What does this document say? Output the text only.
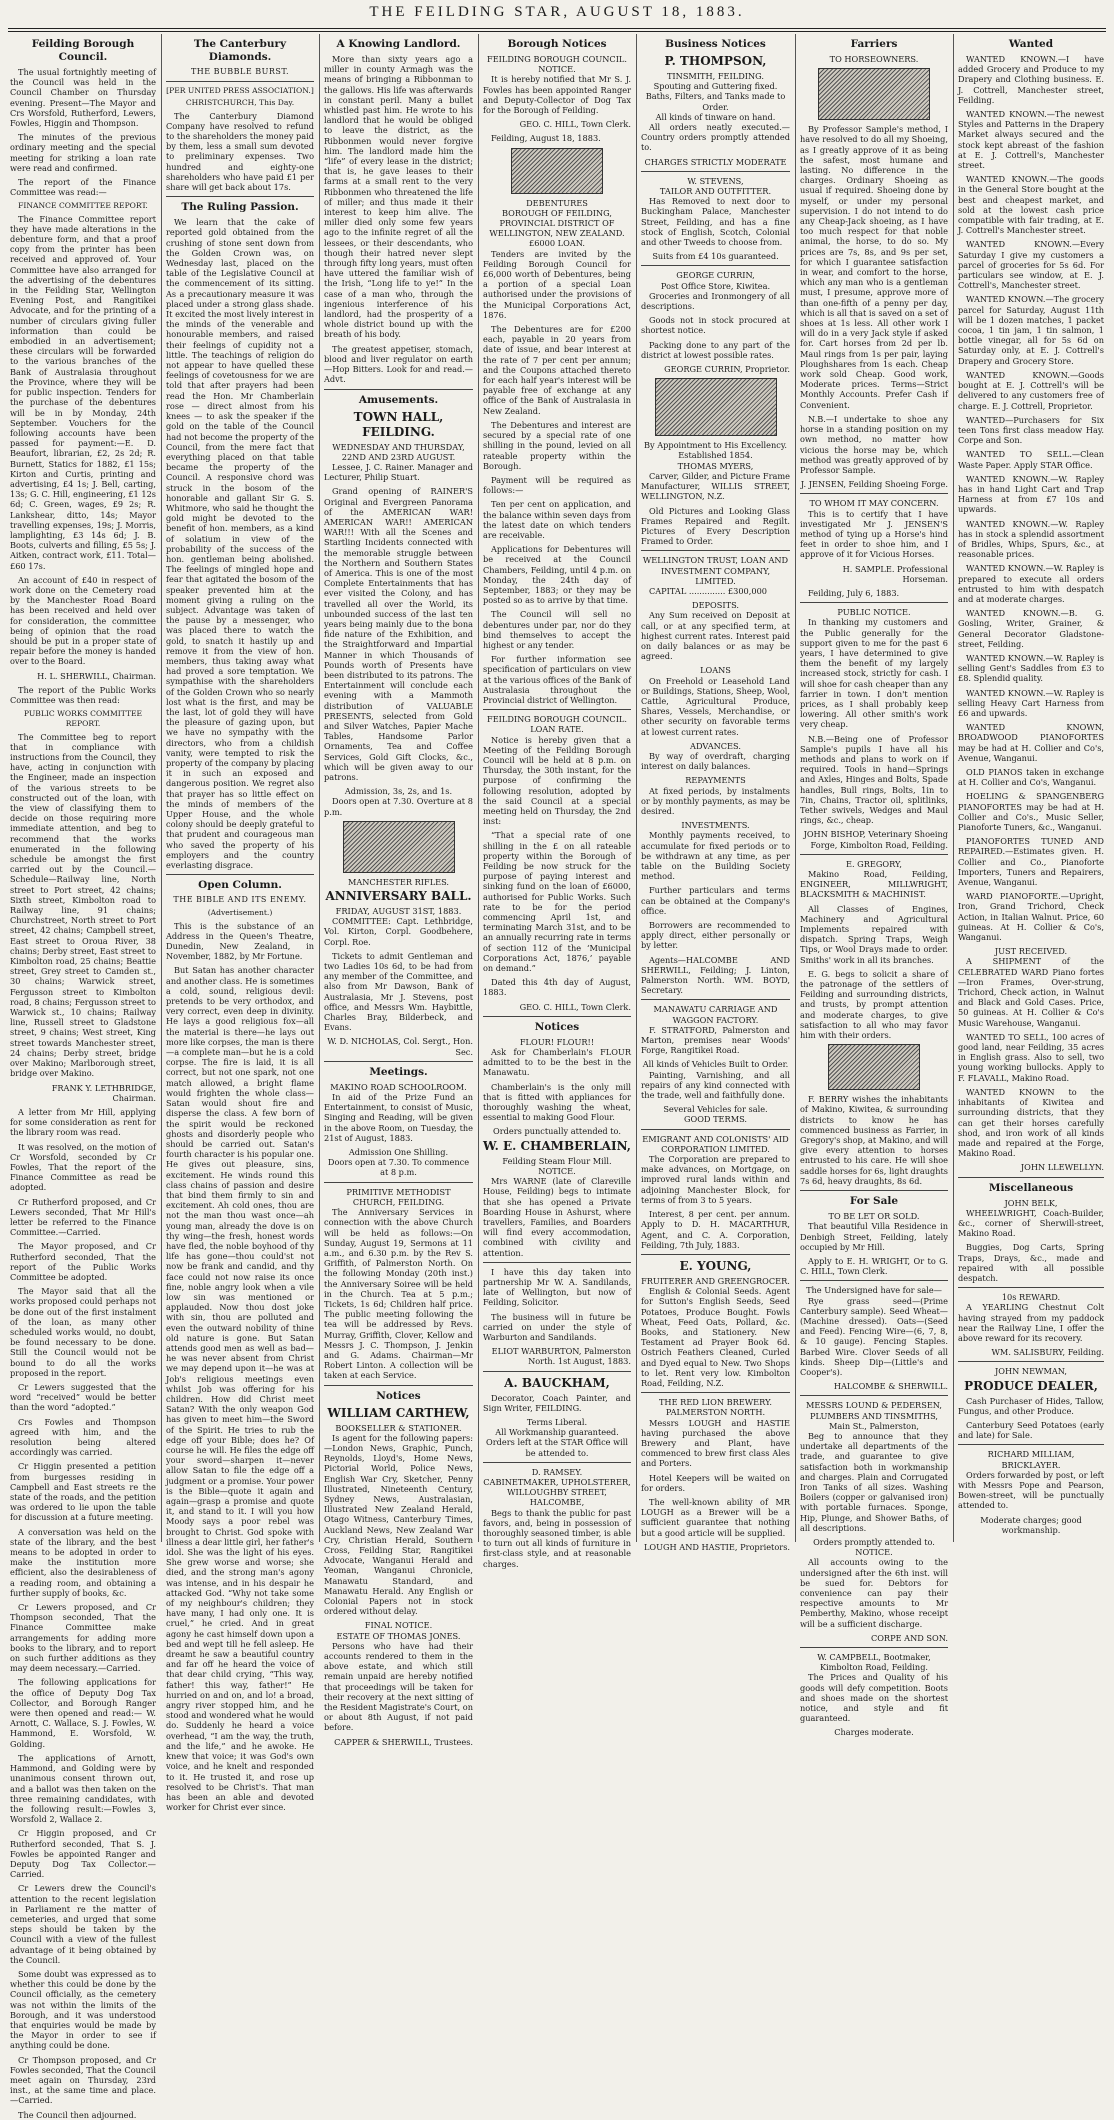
THE FEILDING STAR, AUGUST 18, 1883.
Feilding Borough Council.
The usual fortnightly meeting of the Council was held in the Council Chamber on Thursday evening. Present—The Mayor and Crs Worsfold, Rutherford, Lewers, Fowles, Higgin and Thompson.
The minutes of the previous ordinary meeting and the special meeting for striking a loan rate were read and confirmed.
The report of the Finance Committee was read:—
FINANCE COMMITTEE REPORT.
The Finance Committee report they have made alterations in the debenture form, and that a proof copy from the printer has been received and approved of. Your Committee have also arranged for the advertising of the debentures in the Feilding Star, Wellington Evening Post, and Rangitikei Advocate, and for the printing of a number of circulars giving fuller information than could be embodied in an advertisement; these circulars will be forwarded to the various branches of the Bank of Australasia throughout the Province, where they will be for public inspection. Tenders for the purchase of the debentures will be in by Monday, 24th September. Vouchers for the following accounts have been passed for payment:—E. D. Beaufort, librarian, £2, 2s 2d; R. Burnett, Statics for 1882, £1 15s; Kirton and Curtis, printing and advertising, £4 1s; J. Bell, carting, 13s; G. C. Hill, engineering, £1 12s 6d; C. Green, wages, £9 2s; R. Lankshear, ditto, 14s; Mayor travelling expenses, 19s; J. Morris, lamplighting, £3 14s 6d; J. B. Boots, culverts and filling, £5 5s; J. Aitken, contract work, £11. Total—£60 17s.
An account of £40 in respect of work done on the Cemetery road by the Manchester Road Board has been received and held over for consideration, the committee being of opinion that the road should be put in a proper state of repair before the money is handed over to the Board.
H. L. SHERWILL, Chairman.
The report of the Public Works Committee was then read:
PUBLIC WORKS COMMITTEE REPORT.
The Committee beg to report that in compliance with instructions from the Council, they have, acting in conjunction with the Engineer, made an inspection of the various streets to be constructed out of the loan, with the view of classifying them to decide on those requiring more immediate attention, and beg to recommend that the works enumerated in the following schedule be amongst the first carried out by the Council.—Schedule—Railway line, North street to Port street, 42 chains; Sixth street, Kimbolton road to Railway line, 91 chains; Churchstreet, North street to Port street, 42 chains; Campbell street, East street to Oroua River, 38 chains; Derby street, East street to Kimbolton road, 25 chains; Beattie street, Grey street to Camden st., 30 chains; Warwick street, Fergusson street to Kimbolton road, 8 chains; Fergusson street to Warwick st., 10 chains; Railway line, Russell street to Gladstone street, 9 chains; West street, King street towards Manchester street, 24 chains; Derby street, bridge over Makino; Marlborough street, bridge over Makino.
FRANK Y. LETHBRIDGE, Chairman.
A letter from Mr Hill, applying for some consideration as rent for the library room was read.
It was resolved, on the motion of Cr Worsfold, seconded by Cr Fowles, That the report of the Finance Committee as read be adopted.
Cr Rutherford proposed, and Cr Lewers seconded, That Mr Hill's letter be referred to the Finance Committee.—Carried.
The Mayor proposed, and Cr Rutherford seconded, That the report of the Public Works Committee be adopted.
The Mayor said that all the works proposed could perhaps not be done out of the first instalment of the loan, as many other scheduled works would, no doubt, be found necessary to be done. Still the Council would not be bound to do all the works proposed in the report.
Cr Lewers suggested that the word “received” would be better than the word “adopted.”
Crs Fowles and Thompson agreed with him, and the resolution being altered accordingly was carried.
Cr Higgin presented a petition from burgesses residing in Campbell and East streets re the state of the roads, and the petition was ordered to lie upon the table for discussion at a future meeting.
A conversation was held on the state of the library, and the best means to be adopted in order to make the institution more efficient, also the desirableness of a reading room, and obtaining a further supply of books, &c.
Cr Lewers proposed, and Cr Thompson seconded, That the Finance Committee make arrangements for adding more books to the library, and to report on such further additions as they may deem necessary.—Carried.
The following applications for the office of Deputy Dog Tax Collector, and Borough Ranger were then opened and read:— W. Arnott, C. Wallace, S. J. Fowles, W. Hammond, E. Worsfold, W. Golding.
The applications of Arnott, Hammond, and Golding were by unanimous consent thrown out, and a ballot was then taken on the three remaining candidates, with the following result:—Fowles 3, Worsfold 2, Wallace 2.
Cr Higgin proposed, and Cr Rutherford seconded, That S. J. Fowles be appointed Ranger and Deputy Dog Tax Collector.—Carried.
Cr Lewers drew the Council's attention to the recent legislation in Parliament re the matter of cemeteries, and urged that some steps should be taken by the Council with a view of the fullest advantage of it being obtained by the Council.
Some doubt was expressed as to whether this could be done by the Council officially, as the cemetery was not within the limits of the Borough, and it was understood that enquiries would be made by the Mayor in order to see if anything could be done.
Cr Thompson proposed, and Cr Fowles seconded, That the Council meet again on Thursday, 23rd inst., at the same time and place.—Carried.
The Council then adjourned.
The Canterbury Diamonds.
THE BUBBLE BURST.
[PER UNITED PRESS ASSOCIATION.]
CHRISTCHURCH, This Day.
The Canterbury Diamond Company have resolved to refund to the shareholders the money paid by them, less a small sum devoted to preliminary expenses. Two hundred and eighty-one shareholders who have paid £1 per share will get back about 17s.
The Ruling Passion.
We learn that the cake of reported gold obtained from the crushing of stone sent down from the Golden Crown was, on Wednesday last, placed on the table of the Legislative Council at the commencement of its sitting. As a precautionary measure it was placed under a strong glass shade. It excited the most lively interest in the minds of the venerable and honourable members, and raised their feelings of cupidity not a little. The teachings of religion do not appear to have quelled these feelings of covetousness for we are told that after prayers had been read the Hon. Mr Chamberlain rose — direct almost from his knees — to ask the speaker if the gold on the table of the Council had not become the property of the Council, from the mere fact that everything placed on that table became the property of the Council. A responsive chord was struck in the bosom of the honorable and gallant Sir G. S. Whitmore, who said he thought the gold might be devoted to the benefit of hon. members, as a kind of solatium in view of the probability of the success of the hon. gentleman being abolished. The feelings of mingled hope and fear that agitated the bosom of the speaker prevented him at the moment giving a ruling on the subject. Advantage was taken of the pause by a messenger, who was placed there to watch the gold, to snatch it hastily up and remove it from the view of hon. members, thus taking away what had proved a sore temptation. We sympathise with the shareholders of the Golden Crown who so nearly lost what is the first, and may be the last, lot of gold they will have the pleasure of gazing upon, but we have no sympathy with the directors, who from a childish vanity, were tempted to risk the property of the company by placing it in such an exposed and dangerous position. We regret also that prayer has so little effect on the minds of members of the Upper House, and the whole colony should be deeply grateful to that prudent and courageous man who saved the property of his employers and the country everlasting disgrace.
Open Column.
THE BIBLE AND ITS ENEMY.
(Advertisement.)
This is the substance of an Address in the Queen's Theatre, Dunedin, New Zealand, in November, 1882, by Mr Fortune.
But Satan has another character and another class. He is sometimes a cold, sound, religious devil: pretends to be very orthodox, and very correct, even deep in divinity. He lays a good religious fox—all the material is there—he lays out more like corpses, the man is there—a complete man—but he is a cold corpse. The fire is laid, it is all correct, but not one spark, not one match allowed, a bright flame would frighten the whole class—Satan would shout fire and disperse the class. A few born of the spirit would be reckoned ghosts and disorderly people who should be carried out. Satan's fourth character is his popular one. He gives out pleasure, sins, excitement. He winds round this class chains of passion and desire that bind them firmly to sin and excitement. Ah cold ones, thou are not the man thou wast once—ah young man, already the dove is on thy wing—the fresh, honest words have fled, the noble boyhood of thy life has gone—thou could'st not now be frank and candid, and thy face could not now raise its once fine, noble angry look when a vile low sin was mentioned or applauded. Now thou dost joke with sin, thou are polluted and even the outward nobility of thine old nature is gone. But Satan attends good men as well as bad—he was never absent from Christ we may depend upon it—he was at Job's religious meetings even whilst Job was offering for his children. How did Christ meet Satan? With the only weapon God has given to meet him—the Sword of the Spirit. He tries to rub the edge off your Bible; does he? Of course he will. He files the edge off your sword—sharpen it—never allow Satan to file the edge off a judgment or a promise. Your power is the Bible—quote it again and again—grasp a promise and quote it, and stand to it. I will you how Moody says a poor rebel was brought to Christ. God spoke with illness a dear little girl, her father's idol. She was the light of his eyes. She grew worse and worse; she died, and the strong man's agony was intense, and in his despair he attacked God. “Why not take some of my neighbour's children; they have many, I had only one. It is cruel,” he cried. And in great agony he cast himself down upon a bed and wept till he fell asleep. He dreamt he saw a beautiful country and far off he heard the voice of that dear child crying, “This way, father! this way, father!” He hurried on and on, and lo! a broad, angry river stopped him, and he stood and wondered what he would do. Suddenly he heard a voice overhead, “I am the way, the truth, and the life,” and he awoke. He knew that voice; it was God's own voice, and he knelt and responded to it. He trusted it, and rose up resolved to be Christ's. That man has been an able and devoted worker for Christ ever since.
A Knowing Landlord.
More than sixty years ago a miller in county Armagh was the means of bringing a Ribbonman to the gallows. His life was afterwards in constant peril. Many a bullet whistled past him. He wrote to his landlord that he would be obliged to leave the district, as the Ribbonmen would never forgive him. The landlord made him the “life” of every lease in the district; that is, he gave leases to their farms at a small rent to the very Ribbonmen who threatened the life of miller; and thus made it their interest to keep him alive. The miller died only some few years ago to the infinite regret of all the lessees, or their descendants, who though their hatred never slept through fifty long years, must often have uttered the familiar wish of the Irish, “Long life to ye!” In the case of a man who, through the ingenious interference of his landlord, had the prosperity of a whole district bound up with the breath of his body.
The greatest appetiser, stomach, blood and liver regulator on earth—Hop Bitters. Look for and read.—Advt.
Amusements.
TOWN HALL, FEILDING.
WEDNESDAY AND THURSDAY, 22ND AND 23RD AUGUST.
Lessee, J. C. Rainer. Manager and Lecturer, Philip Stuart.
Grand opening of RAINER'S Original and Evergreen Panorama of the AMERICAN WAR! AMERICAN WAR!! AMERICAN WAR!!! With all the Scenes and Startling Incidents connected with the memorable struggle between the Northern and Southern States of America. This is one of the most Complete Entertainments that has ever visited the Colony, and has travelled all over the World, its unbounded success of the last ten years being mainly due to the bona fide nature of the Exhibition, and the Straightforward and Impartial Manner in which Thousands of Pounds worth of Presents have been distributed to its patrons. The Entertainment will conclude each evening with a Mammoth distribution of VALUABLE PRESENTS, selected from Gold and Silver Watches, Papier Mache Tables, Handsome Parlor Ornaments, Tea and Coffee Services, Gold Gift Clocks, &c., which will be given away to our patrons.
Admission, 3s, 2s, and 1s.
Doors open at 7.30. Overture at 8 p.m.
MANCHESTER RIFLES.
ANNIVERSARY BALL.
FRIDAY, AUGUST 31ST, 1883.
COMMITTEE: Capt. Lethbridge, Vol. Kirton, Corpl. Goodbehere, Corpl. Roe.
Tickets to admit Gentleman and two Ladies 10s 6d, to be had from any member of the Committee, and also from Mr Dawson, Bank of Australasia, Mr J. Stevens, post office, and Messrs Wm. Haybittle, Charles Bray, Bilderbeck, and Evans.
W. D. NICHOLAS, Col. Sergt., Hon. Sec.
Meetings.
MAKINO ROAD SCHOOLROOM.
In aid of the Prize Fund an Entertainment, to consist of Music, Singing and Reading, will be given in the above Room, on Tuesday, the 21st of August, 1883.
Admission One Shilling.
Doors open at 7.30. To commence at 8 p.m.
PRIMITIVE METHODIST CHURCH, FEILDING.
The Anniversary Services in connection with the above Church will be held as follows:—On Sunday, August 19, Sermons at 11 a.m., and 6.30 p.m. by the Rev S. Griffith, of Palmerston North. On the following Monday (20th inst.) the Anniversary Soiree will be held in the Church. Tea at 5 p.m.; Tickets, 1s 6d; Children half price. The public meeting following the tea will be addressed by Revs. Murray, Griffith, Clover, Kellow and Messrs J. C. Thompson, J. Jenkin and G. Adams. Chairman—Mr Robert Linton. A collection will be taken at each Service.
Notices
WILLIAM CARTHEW,
BOOKSELLER & STATIONER.
Is agent for the following papers:—London News, Graphic, Punch, Reynolds, Lloyd's, Home News, Pictorial World, Police News, English War Cry, Sketcher, Penny Illustrated, Nineteenth Century, Sydney News, Australasian, Illustrated New Zealand Herald, Otago Witness, Canterbury Times, Auckland News, New Zealand War Cry, Christian Herald, Southern Cross, Feilding Star, Rangitikei Advocate, Wanganui Herald and Yeoman, Wanganui Chronicle, Manawatu Standard, and Manawatu Herald. Any English or Colonial Papers not in stock ordered without delay.
FINAL NOTICE.
ESTATE OF THOMAS JONES.
Persons who have had their accounts rendered to them in the above estate, and which still remain unpaid are hereby notified that proceedings will be taken for their recovery at the next sitting of the Resident Magistrate's Court, on or about 8th August, if not paid before.
CAPPER & SHERWILL, Trustees.
Borough Notices
FEILDING BOROUGH COUNCIL.
NOTICE.
It is hereby notified that Mr S. J. Fowles has been appointed Ranger and Deputy-Collector of Dog Tax for the Borough of Feilding.
GEO. C. HILL, Town Clerk.
Feilding, August 18, 1883.
DEBENTURES
BOROUGH OF FEILDING, PROVINCIAL DISTRICT OF WELLINGTON, NEW ZEALAND.
£6000 LOAN.
Tenders are invited by the Feilding Borough Council for £6,000 worth of Debentures, being a portion of a special Loan authorised under the provisions of the Municipal Corporations Act, 1876.
The Debentures are for £200 each, payable in 20 years from date of issue, and bear interest at the rate of 7 per cent per annum; and the Coupons attached thereto for each half year's interest will be payable free of exchange at any office of the Bank of Australasia in New Zealand.
The Debentures and interest are secured by a special rate of one shilling in the pound, levied on all rateable property within the Borough.
Payment will be required as follows:—
Ten per cent on application, and the balance within seven days from the latest date on which tenders are receivable.
Applications for Debentures will be received at the Council Chambers, Feilding, until 4 p.m. on Monday, the 24th day of September, 1883; or they may be posted so as to arrive by that time.
The Council will sell no debentures under par, nor do they bind themselves to accept the highest or any tender.
For further information see specification of particulars on view at the various offices of the Bank of Australasia throughout the Provincial district of Wellington.
FEILDING BOROUGH COUNCIL.
LOAN RATE.
Notice is hereby given that a Meeting of the Feilding Borough Council will be held at 8 p.m. on Thursday, the 30th instant, for the purpose of confirming the following resolution, adopted by the said Council at a special meeting held on Thursday, the 2nd inst:
“That a special rate of one shilling in the £ on all rateable property within the Borough of Feilding be now struck for the purpose of paying interest and sinking fund on the loan of £6000, authorised for Public Works. Such rate to be for the period commencing April 1st, and terminating March 31st, and to be an annually recurring rate in terms of section 112 of the ‘Municipal Corporations Act, 1876,’ payable on demand.”
Dated this 4th day of August, 1883.
GEO. C. HILL, Town Clerk.
Notices
FLOUR! FLOUR!!
Ask for Chamberlain's FLOUR admitted to to be the best in the Manawatu.
Chamberlain's is the only mill that is fitted with appliances for thoroughly washing the wheat, essential to making Good Flour.
Orders punctually attended to.
W. E. CHAMBERLAIN,
Feilding Steam Flour Mill.
NOTICE.
Mrs WARNE (late of Clareville House, Feilding) begs to intimate that she has opened a Private Boarding House in Ashurst, where travellers, Families, and Boarders will find every accommodation, combined with civility and attention.
I have this day taken into partnership Mr W. A. Sandilands, late of Wellington, but now of Feilding, Solicitor.
The business will in future be carried on under the style of Warburton and Sandilands.
ELIOT WARBURTON, Palmerston North. 1st August, 1883.
A. BAUCKHAM,
Decorator, Coach Painter, and Sign Writer, FEILDING.
Terms Liberal.
All Workmanship guaranteed.
Orders left at the STAR Office will be attended to.
D. RAMSEY.
CABINETMAKER, UPHOLSTERER, WILLOUGHBY STREET, HALCOMBE,
Begs to thank the public for past favors, and, being in possession of thoroughly seasoned timber, is able to turn out all kinds of furniture in first-class style, and at reasonable charges.
Business Notices
P. THOMPSON,
TINSMITH, FEILDING.
Spouting and Guttering fixed.
Baths, Filters, and Tanks made to Order.
All kinds of tinware on hand.
All orders neatly executed.—Country orders promptly attended to.
CHARGES STRICTLY MODERATE
W. STEVENS,
TAILOR AND OUTFITTER.
Has Removed to next door to Buckingham Palace, Manchester Street, Feilding, and has a fine stock of English, Scotch, Colonial and other Tweeds to choose from.
Suits from £4 10s guaranteed.
GEORGE CURRIN,
Post Office Store, Kiwitea.
Groceries and Ironmongery of all descriptions.
Goods not in stock procured at shortest notice.
Packing done to any part of the district at lowest possible rates.
GEORGE CURRIN, Proprietor.
By Appointment to His Excellency. Established 1854.
THOMAS MYERS,
Carver, Gilder, and Picture Frame Manufacturer, WILLIS STREET, WELLINGTON, N.Z.
Old Pictures and Looking Glass Frames Repaired and Regilt. Pictures of Every Description Framed to Order.
WELLINGTON TRUST, LOAN AND INVESTMENT COMPANY, LIMITED.
CAPITAL .............. £300,000
DEPOSITS.
Any Sum received on Deposit at call, or at any specified term, at highest current rates. Interest paid on daily balances or as may be agreed.
LOANS
On Freehold or Leasehold Land or Buildings, Stations, Sheep, Wool, Cattle, Agricultural Produce, Shares, Vessels, Merchandise, or other security on favorable terms at lowest current rates.
ADVANCES.
By way of overdraft, charging interest on daily balances.
REPAYMENTS
At fixed periods, by instalments or by monthly payments, as may be desired.
INVESTMENTS.
Monthly payments received, to accumulate for fixed periods or to be withdrawn at any time, as per table on the Building Society method.
Further particulars and terms can be obtained at the Company's office.
Borrowers are recommended to apply direct, either personally or by letter.
Agents—HALCOMBE AND SHERWILL, Feilding; J. Linton, Palmerston North. WM. BOYD, Secretary.
MANAWATU CARRIAGE AND WAGGON FACTORY.
F. STRATFORD, Palmerston and Marton, premises near Woods' Forge, Rangitikei Road.
All kinds of Vehicles Built to Order.
Painting, Varnishing, and all repairs of any kind connected with the trade, well and faithfully done.
Several Vehicles for sale.
GOOD TERMS.
EMIGRANT AND COLONISTS' AID CORPORATION LIMITED.
The Corporation are prepared to make advances, on Mortgage, on improved rural lands within and adjoining Manchester Block, for terms of from 3 to 5 years.
Interest, 8 per cent. per annum. Apply to D. H. MACARTHUR, Agent, and C. A. Corporation, Feilding, 7th July, 1883.
E. YOUNG,
FRUITERER AND GREENGROCER.
English & Colonial Seeds. Agent for Sutton's English Seeds, Seed Potatoes, Produce Bought. Fowls Wheat, Feed Oats, Pollard, &c. Books, and Stationery. New Testament ad Prayer Book 6d. Ostrich Feathers Cleaned, Curled and Dyed equal to New. Two Shops to let. Rent very low. Kimbolton Road, Feilding, N.Z.
THE RED LION BREWERY.
PALMERSTON NORTH.
Messrs LOUGH and HASTIE having purchased the above Brewery and Plant, have commenced to brew first class Ales and Porters.
Hotel Keepers will be waited on for orders.
The well-known ability of MR LOUGH as a Brewer will be a sufficient guarantee that nothing but a good article will be supplied.
LOUGH AND HASTIE, Proprietors.
Farriers
TO HORSEOWNERS.
By Professor Sample's method, I have resolved to do all my Shoeing, as I greatly approve of it as being the safest, most humane and lasting. No difference in the charges. Ordinary Shoeing as usual if required. Shoeing done by myself, or under my personal supervision. I do not intend to do any Cheap-Jack shoeing, as I have too much respect for that noble animal, the horse, to do so. My prices are 7s, 8s, and 9s per set, for which I guarantee satisfaction in wear, and comfort to the horse, which any man who is a gentleman must, I presume, approve more of than one-fifth of a penny per day, which is all that is saved on a set of shoes at 1s less. All other work I will do in a very Jack style if asked for. Cart horses from 2d per lb. Maul rings from 1s per pair, laying Ploughshares from 1s each. Cheap work sold Cheap. Good work, Moderate prices. Terms—Strict Monthly Accounts. Prefer Cash if Convenient.
N.B.—I undertake to shoe any horse in a standing position on my own method, no matter how vicious the horse may be, which method was greatly approved of by Professor Sample.
J. JENSEN, Feilding Shoeing Forge.
TO WHOM IT MAY CONCERN.
This is to certify that I have investigated Mr J. JENSEN'S method of tying up a Horse's hind feet in order to shoe him, and I approve of it for Vicious Horses.
H. SAMPLE. Professional Horseman.
Feilding, July 6, 1883.
PUBLIC NOTICE.
In thanking my customers and the Public generally for the support given to me for the past 6 years, I have determined to give them the benefit of my largely increased stock, strictly for cash. I will shoe for cash cheaper than any farrier in town. I don't mention prices, as I shall probably keep lowering. All other smith's work very cheap.
N.B.—Being one of Professor Sample's pupils I have all his methods and plans to work on if required. Tools in hand—Springs and Axles, Hinges and Bolts, Spade handles, Bull rings, Bolts, 1in to 7in, Chains, Tractor oil, splitlinks, Tether swivels, Wedges and Maul rings, &c., cheap.
JOHN BISHOP, Veterinary Shoeing Forge, Kimbolton Road, Feilding.
E. GREGORY,
Makino Road, Feilding, ENGINEER, MILLWRIGHT, BLACKSMITH & MACHINIST.
All Classes of Engines, Machinery and Agricultural Implements repaired with dispatch. Spring Traps, Weigh Tips, or Wool Drays made to order. Smiths' work in all its branches.
E. G. begs to solicit a share of the patronage of the settlers of Feilding and surrounding districts, and trusts, by prompt attention and moderate charges, to give satisfaction to all who may favor him with their orders.
F. BERRY wishes the inhabitants of Makino, Kiwitea, & surrounding districts to know he has commenced business as Farrier, in Gregory's shop, at Makino, and will give every attention to horses entrusted to his care. He will shoe saddle horses for 6s, light draughts 7s 6d, heavy draughts, 8s 6d.
For Sale
TO BE LET OR SOLD.
That beautiful Villa Residence in Denbigh Street, Feilding, lately occupied by Mr Hill.
Apply to E. H. WRIGHT, Or to G. C. HILL, Town Clerk.
The Undersigned have for sale—
Rye grass seed—(Prime Canterbury sample). Seed Wheat—(Machine dressed). Oats—(Seed and Feed). Fencing Wire—(6, 7, 8, & 10 gauge). Fencing Staples. Barbed Wire. Clover Seeds of all kinds. Sheep Dip—(Little's and Cooper's).
HALCOMBE & SHERWILL.
MESSRS LOUND & PEDERSEN, PLUMBERS AND TINSMITHS, Main St., Palmerston,
Beg to announce that they undertake all departments of the trade, and guarantee to give satisfaction both in workmanship and charges. Plain and Corrugated Iron Tanks of all sizes. Washing Boilers (copper or galvanised iron) with portable furnaces. Sponge, Hip, Plunge, and Shower Baths, of all descriptions.
Orders promptly attended to.
NOTICE.
All accounts owing to the undersigned after the 6th inst. will be sued for. Debtors for convenience can pay their respective amounts to Mr Pemberthy, Makino, whose receipt will be a sufficient discharge.
CORPE AND SON.
W. CAMPBELL, Bootmaker, Kimbolton Road, Feilding.
The Prices and Quality of his goods will defy competition. Boots and shoes made on the shortest notice, and style and fit guaranteed.
Charges moderate.
Wanted
WANTED KNOWN.—I have added Grocery and Produce to my Drapery and Clothing business. E. J. Cottrell, Manchester street, Feilding.
WANTED KNOWN.—The newest Styles and Patterns in the Drapery Market always secured and the stock kept abreast of the fashion at E. J. Cottrell's, Manchester street.
WANTED KNOWN.—The goods in the General Store bought at the best and cheapest market, and sold at the lowest cash price compatible with fair trading, at E. J. Cottrell's Manchester street.
WANTED KNOWN.—Every Saturday I give my customers a parcel of groceries for 5s 6d. For particulars see window, at E. J. Cottrell's, Manchester street.
WANTED KNOWN.—The grocery parcel for Saturday, August 11th will be 1 dozen matches, 1 packet cocoa, 1 tin jam, 1 tin salmon, 1 bottle vinegar, all for 5s 6d on Saturday only, at E. J. Cottrell's Drapery and Grocery Store.
WANTED KNOWN.—Goods bought at E. J. Cottrell's will be delivered to any customers free of charge. E. J. Cottrell, Proprietor.
WANTED—Purchasers for Six teen Tons first class meadow Hay. Corpe and Son.
WANTED TO SELL.—Clean Waste Paper. Apply STAR Office.
WANTED KNOWN.—W. Rapley has in hand Light Cart and Trap Harness at from £7 10s and upwards.
WANTED KNOWN.—W. Rapley has in stock a splendid assortment of Bridles, Whips, Spurs, &c., at reasonable prices.
WANTED KNOWN.—W. Rapley is prepared to execute all orders entrusted to him with despatch and at moderate charges.
WANTED KNOWN.—B. G. Gosling, Writer, Grainer, & General Decorator Gladstone-street, Feilding.
WANTED KNOWN.—W. Rapley is selling Gent's Saddles from £3 to £8. Splendid quality.
WANTED KNOWN.—W. Rapley is selling Heavy Cart Harness from £6 and upwards.
WANTED KNOWN, BROADWOOD PIANOFORTES may be had at H. Collier and Co's, Avenue, Wanganui.
OLD PIANOS taken in exchange at H. Collier and Co's, Wanganui.
HOELING & SPANGENBERG PIANOFORTES may be had at H. Collier and Co's., Music Seller, Pianoforte Tuners, &c., Wanganui.
PIANOFORTES TUNED AND REPAIRED.—Estimates given. H. Collier and Co., Pianoforte Importers, Tuners and Repairers, Avenue, Wanganui.
WARD PIANOFORTE.—Upright, Iron, Grand Trichord, Check Action, in Italian Walnut. Price, 60 guineas. At H. Collier & Co's, Wanganui.
JUST RECEIVED.
A SHIPMENT of the CELEBRATED WARD Piano fortes—Iron Frames, Over-strung, Trichord, Check action, in Walnut and Black and Gold Cases. Price, 50 guineas. At H. Collier & Co's Music Warehouse, Wanganui.
WANTED TO SELL, 100 acres of good land, near Feilding, 35 acres in English grass. Also to sell, two young working bullocks. Apply to F. FLAVALL, Makino Road.
WANTED KNOWN to the inhabitants of Kiwitea and surrounding districts, that they can get their horses carefully shod, and iron work of all kinds made and repaired at the Forge, Makino Road.
JOHN LLEWELLYN.
Miscellaneous
JOHN BELK,
WHEELWRIGHT, Coach-Builder, &c., corner of Sherwill-street, Makino Road.
Buggies, Dog Carts, Spring Traps, Drays, &c., made and repaired with all possible despatch.
10s REWARD.
A YEARLING Chestnut Colt having strayed from my paddock near the Railway Line, I offer the above reward for its recovery.
WM. SALISBURY, Feilding.
JOHN NEWMAN,
PRODUCE DEALER,
Cash Purchaser of Hides, Tallow, Fungus, and other Produce.
Canterbury Seed Potatoes (early and late) for Sale.
RICHARD MILLIAM, BRICKLAYER.
Orders forwarded by post, or left with Messrs Pope and Pearson, Bowen-street, will be punctually attended to.
Moderate charges; good workmanship.
